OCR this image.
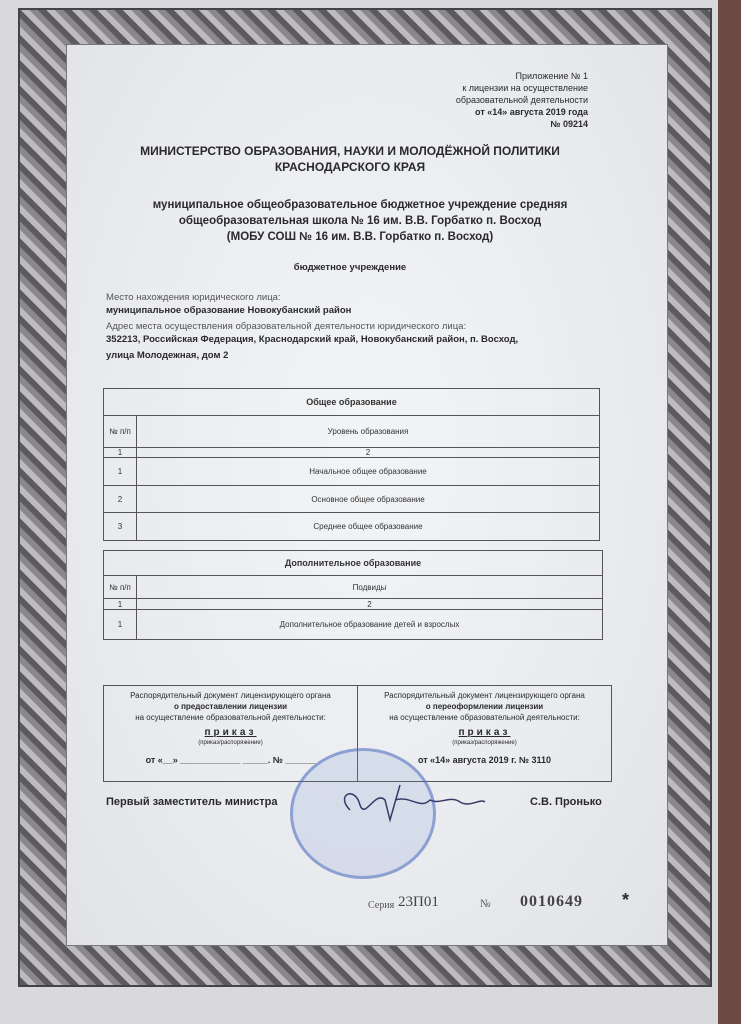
Приложение № 1
к лицензии на осуществление
образовательной деятельности
от «14» августа 2019 года
№ 09214
МИНИСТЕРСТВО ОБРАЗОВАНИЯ, НАУКИ И МОЛОДЁЖНОЙ ПОЛИТИКИ
КРАСНОДАРСКОГО КРАЯ
муниципальное общеобразовательное бюджетное учреждение средняя
общеобразовательная школа № 16 им. В.В. Горбатко п. Восход
(МОБУ СОШ № 16 им. В.В. Горбатко п. Восход)
бюджетное учреждение
Место нахождения юридического лица:
муниципальное образование Новокубанский район
Адрес места осуществления образовательной деятельности юридического лица:
352213, Российская Федерация, Краснодарский край, Новокубанский район, п. Восход,
улица Молодежная, дом 2
Общее образование	
№ п/п	Уровень образования
1	2
1	Начальное общее образование
2	Основное общее образование
3	Среднее общее образование
Дополнительное образование	
№ п/п	Подвиды
1	2
1	Дополнительное образование детей и взрослых
Распорядительный документ лицензирующего органа
о предоставлении лицензии
на осуществление образовательной деятельности:
приказ
(приказ/распоряжение)
от «__» ____________ _____. № ______
Распорядительный документ лицензирующего органа
о переоформлении лицензии
на осуществление образовательной деятельности:
приказ
(приказ/распоряжение)
от «14» августа 2019 г. № 3110
Первый заместитель министра	С.В. Пронько
Серия 23П01	№ 0010649 *
